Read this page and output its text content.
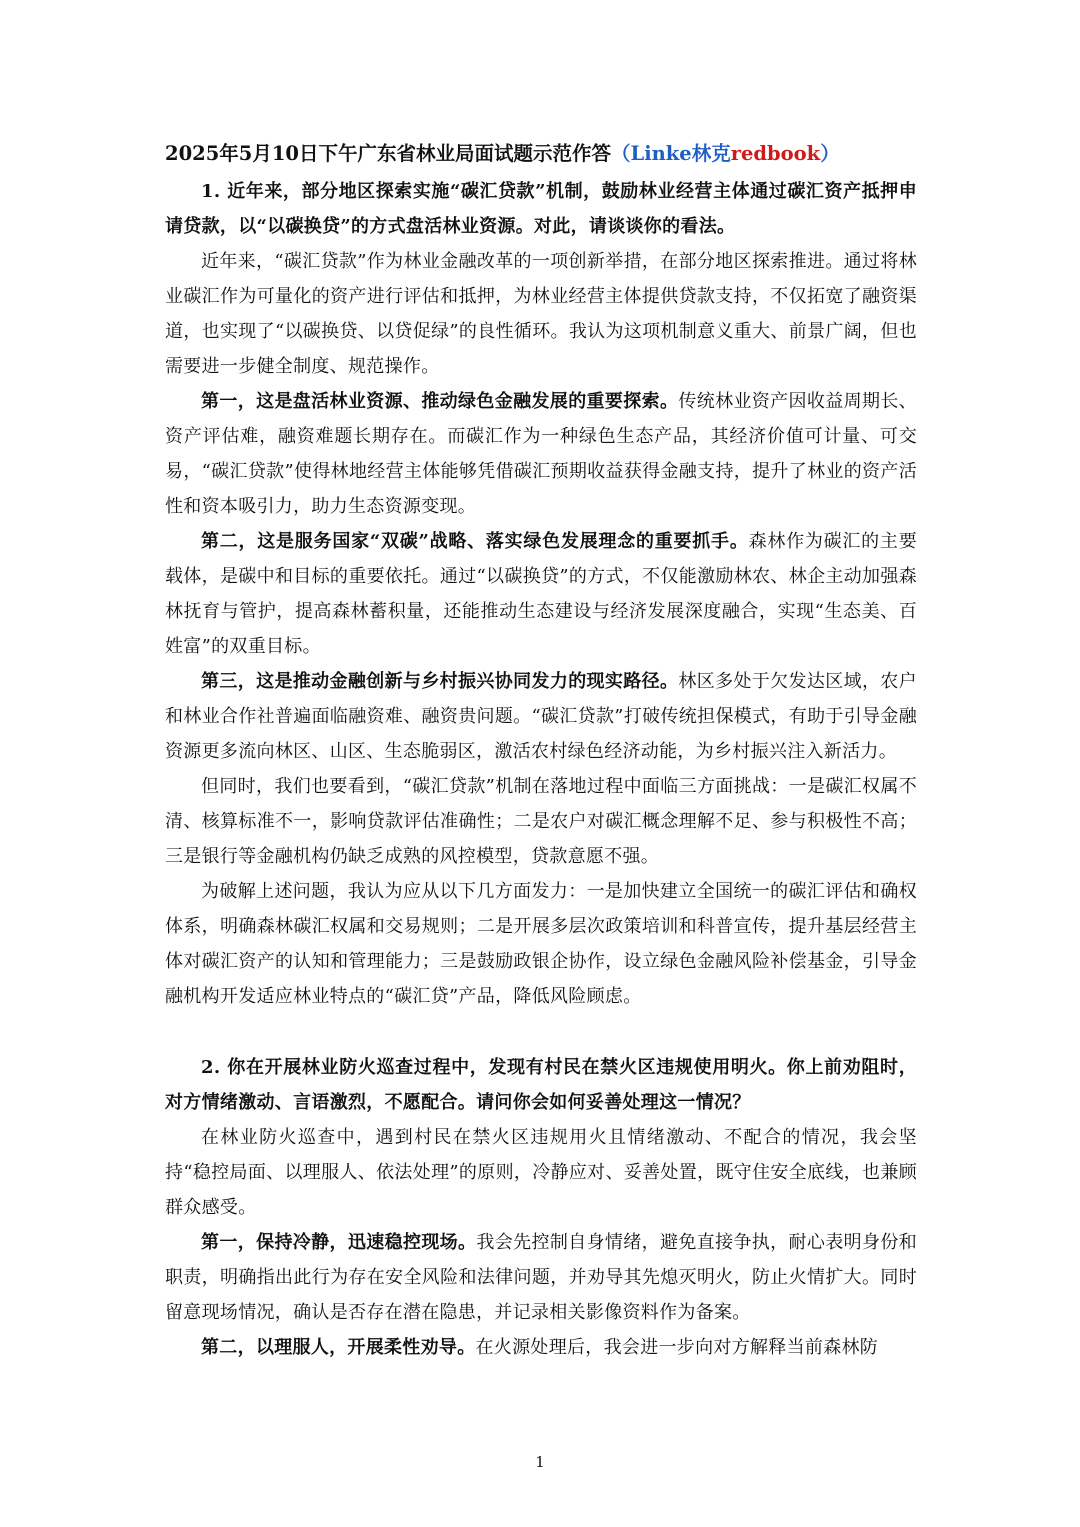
2025年5月10日下午广东省林业局面试题示范作答（Linke林克redbook）

1. 近年来，部分地区探索实施“碳汇贷款”机制，鼓励林业经营主体通过碳汇资产抵押申请贷款，以“以碳换贷”的方式盘活林业资源。对此，请谈谈你的看法。

近年来，“碳汇贷款”作为林业金融改革的一项创新举措，在部分地区探索推进。通过将林业碳汇作为可量化的资产进行评估和抵押，为林业经营主体提供贷款支持，不仅拓宽了融资渠道，也实现了“以碳换贷、以贷促绿”的良性循环。我认为这项机制意义重大、前景广阔，但也需要进一步健全制度、规范操作。

第一，这是盘活林业资源、推动绿色金融发展的重要探索。传统林业资产因收益周期长、资产评估难，融资难题长期存在。而碳汇作为一种绿色生态产品，其经济价值可计量、可交易，“碳汇贷款”使得林地经营主体能够凭借碳汇预期收益获得金融支持，提升了林业的资产活性和资本吸引力，助力生态资源变现。

第二，这是服务国家“双碳”战略、落实绿色发展理念的重要抓手。森林作为碳汇的主要载体，是碳中和目标的重要依托。通过“以碳换贷”的方式，不仅能激励林农、林企主动加强森林抚育与管护，提高森林蓄积量，还能推动生态建设与经济发展深度融合，实现“生态美、百姓富”的双重目标。

第三，这是推动金融创新与乡村振兴协同发力的现实路径。林区多处于欠发达区域，农户和林业合作社普遍面临融资难、融资贵问题。“碳汇贷款”打破传统担保模式，有助于引导金融资源更多流向林区、山区、生态脆弱区，激活农村绿色经济动能，为乡村振兴注入新活力。

但同时，我们也要看到，“碳汇贷款”机制在落地过程中面临三方面挑战：一是碳汇权属不清、核算标准不一，影响贷款评估准确性；二是农户对碳汇概念理解不足、参与积极性不高；三是银行等金融机构仍缺乏成熟的风控模型，贷款意愿不强。

为破解上述问题，我认为应从以下几方面发力：一是加快建立全国统一的碳汇评估和确权体系，明确森林碳汇权属和交易规则；二是开展多层次政策培训和科普宣传，提升基层经营主体对碳汇资产的认知和管理能力；三是鼓励政银企协作，设立绿色金融风险补偿基金，引导金融机构开发适应林业特点的“碳汇贷”产品，降低风险顾虑。

2. 你在开展林业防火巡查过程中，发现有村民在禁火区违规使用明火。你上前劝阻时，对方情绪激动、言语激烈，不愿配合。请问你会如何妥善处理这一情况？

在林业防火巡查中，遇到村民在禁火区违规用火且情绪激动、不配合的情况，我会坚持“稳控局面、以理服人、依法处理”的原则，冷静应对、妥善处置，既守住安全底线，也兼顾群众感受。

第一，保持冷静，迅速稳控现场。我会先控制自身情绪，避免直接争执，耐心表明身份和职责，明确指出此行为存在安全风险和法律问题，并劝导其先熄灭明火，防止火情扩大。同时留意现场情况，确认是否存在潜在隐患，并记录相关影像资料作为备案。

第二，以理服人，开展柔性劝导。在火源处理后，我会进一步向对方解释当前森林防

1
